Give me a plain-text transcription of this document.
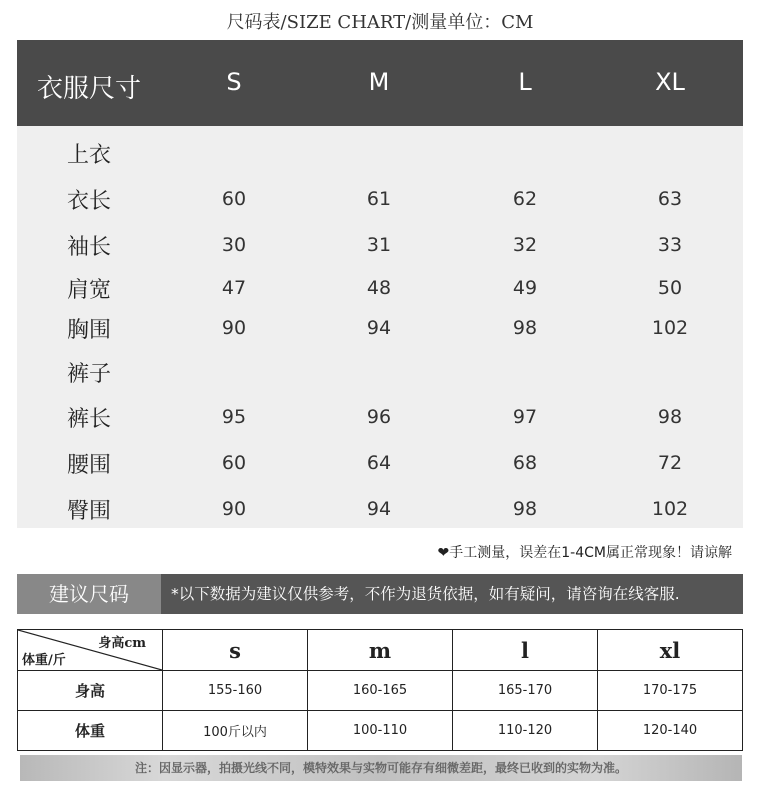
尺码表/SIZE CHART/测量单位：CM
衣服尺寸	S	M	L	XL
上衣
衣长	60	61	62	63
袖长	30	31	32	33
肩宽	47	48	49	50
胸围	90	94	98	102
裤子
裤长	95	96	97	98
腰围	60	64	68	72
臀围	90	94	98	102
❤手工测量，误差在1-4CM属正常现象！请谅解
建议尺码	*以下数据为建议仅供参考，不作为退货依据，如有疑问，请咨询在线客服.
身高cm
体重/斤	s	m	l	xl
身高	155-160	160-165	165-170	170-175
体重	100斤以内	100-110	110-120	120-140
注：因显示器，拍摄光线不同，模特效果与实物可能存有细微差距，最终已收到的实物为准。
